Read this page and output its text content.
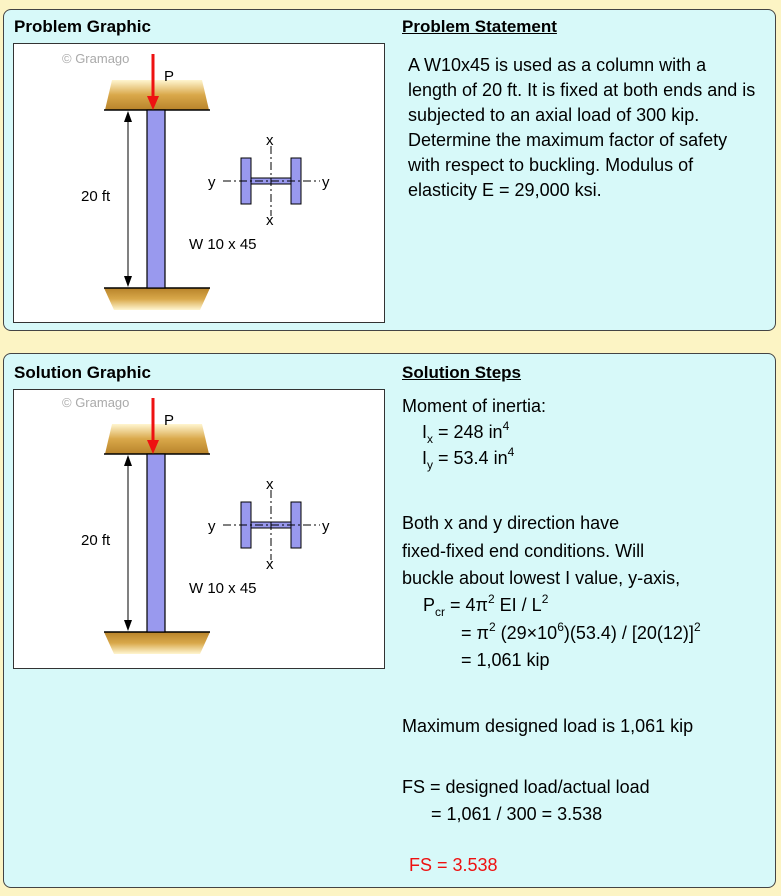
Problem Graphic	Problem Statement
© Gramago
P
20 ft
x
x
y	y
W 10 x 45
A W10x45 is used as a column with a length of 20 ft. It is fixed at both ends and is subjected to an axial load of 300 kip. Determine the maximum factor of safety with respect to buckling. Modulus of elasticity E = 29,000 ksi.
Solution Graphic	Solution Steps
© Gramago
P
20 ft
x
x
y	y
W 10 x 45
Moment of inertia:
$I_x = 248$ $in^4$
$I_y = 53.4$ $in^4$
Both x and y direction have
fixed-fixed end conditions. Will
buckle about lowest I value, y-axis,
$P_{cr} = 4\pi^2$ EI / $L^2$
= $\pi^2$ $(29\times 10^6)(53.4) / [20(12)]^2$
= 1,061 kip
Maximum designed load is 1,061 kip
FS = designed load/actual load
= 1,061 / 300 = 3.538
FS = 3.538
